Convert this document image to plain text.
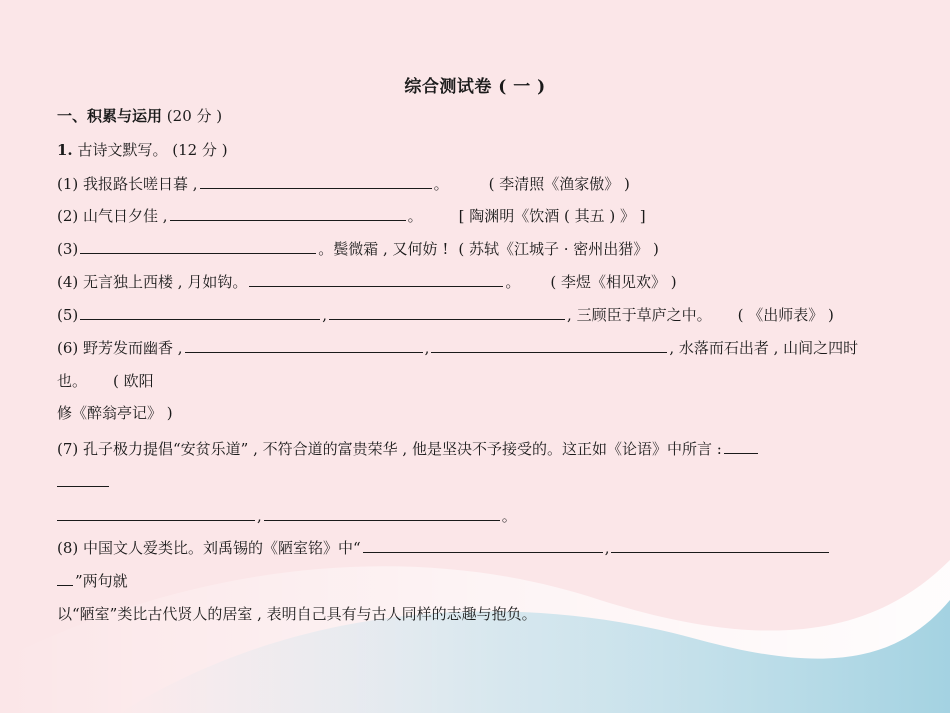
综合测试卷 ( 一 )
一、积累与运用 (20 分 )
1. 古诗文默写。 (12 分 )
(1) 我报路长嗟日暮 ,	。	( 李清照《渔家傲》 )
(2) 山气日夕佳 ,	。 [ 陶渊明《饮酒 ( 其五 ) 》 ]
(3)	。鬓微霜 , 又何妨 ! ( 苏轼《江城子 · 密州出猎》 )
(4) 无言独上西楼 , 月如钩。	。 ( 李煜《相见欢》 )
(5)	,	, 三顾臣于草庐之中。 ( 《出师表》 )
(6) 野芳发而幽香 ,	,	, 水落而石出者 , 山间之四时
也。 ( 欧阳
修《醉翁亭记》 )
(7) 孔子极力提倡“安贫乐道” , 不符合道的富贵荣华 , 他是坚决不予接受的。这正如《论语》中所言 :
,	。
(8) 中国文人爱类比。刘禹锡的《陋室铭》中“	,
”两句就
以“陋室”类比古代贤人的居室 , 表明自己具有与古人同样的志趣与抱负。
